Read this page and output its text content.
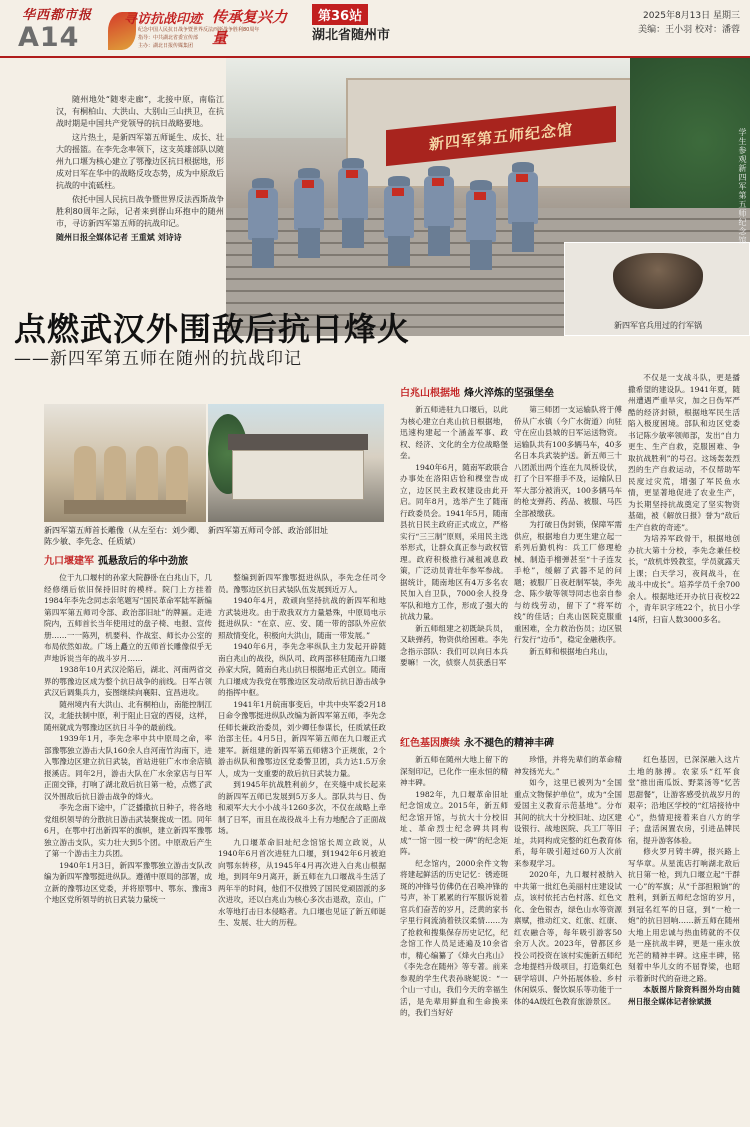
华西都市报
A14
寻访抗战印迹 传承复兴力量
纪念中国人民抗日战争暨世界反法西斯战争胜利80周年
指导：中共湖北省委宣传部
主办：湖北日报传媒集团
第36站
湖北省随州市
2025年8月13日 星期三
美编：王小羽 校对：潘蓉
新四军第五师纪念馆
新四军官兵用过的行军锅
学生参观新四军第五师纪念馆

随州地处“随枣走廊”，北接中原，南临江汉，有桐柏山、大洪山、大别山三山拱卫，在抗战时期是中国共产党领导的抗日战略要地。

这片热土，是新四军第五师诞生、成长、壮大的摇篮。在李先念率领下，这支英雄部队以随州九口堰为核心建立了鄂豫边区抗日根据地，形成对日军在华中的战略反攻态势，成为中原敌后抗战的中流砥柱。

依托中国人民抗日战争暨世界反法西斯战争胜利80周年之际，记者来到群山环抱中的随州市，寻访新四军第五师的抗战印记。

随州日报全媒体记者 王重斌 刘诗诗

点燃武汉外围敌后抗日烽火
——新四军第五师在随州的抗战印记
新四军第五师首长雕像（从左至右：刘少卿、陈少敏、李先念、任质斌）
新四军第五师司令部、政治部旧址
九口堰建军 孤悬敌后的华中劲旅

位于九口堰村的孙家大院静卧在白兆山下，几经修缮后依旧保持旧时的模样。院门上方挂着1984年李先念同志亲笔题写“国民革命军陆军新编第四军第五师司令部、政治部旧址”的牌匾。走进院内，五师首长当年使用过的盘子椅、电报、宣传册……一一陈列，机要科、作战室、师长办公室的布局依然如故。广场上矗立的五师首长雕像似乎无声地诉说当年的战斗岁月……

1938年10月武汉沦陷后，湖北、河南两省交界的鄂豫边区成为整个抗日战争的前线。日军占领武汉后调集兵力，妄图继续向襄阳、宜昌进攻。

随州境内有大洪山、北有桐柏山，南能控制江汉，北能扶制中原，利于阻止日寇的西侵，这样，随州就成为鄂豫边区抗日斗争的最前线。

1939年1月，李先念率中共中原局之命，率部豫鄂独立游击大队160余人自河南竹沟南下，进入鄂豫边区建立抗日武装，首站进驻广水市余店镇报溪店。同年2月，游击大队在广水余家店与日军正面交锋，打响了湖北敌后抗日第一枪，点燃了武汉外围敌后抗日游击战争的烽火。

李先念南下途中，广泛播撒抗日种子，将各地党组织领导的分散抗日游击武装聚拢成一团。同年6月，在鄂中打出新四军的旗帜，建立新四军豫鄂独立游击支队，实力壮大到5个团。中原敌后产生了第一个游击主力兵团。

1940年1月3日，新四军豫鄂独立游击支队改编为新四军豫鄂挺进纵队。遵循中原局的部署，成立新的豫鄂边区党委，并将原鄂中、鄂东、豫南3个地区党所领导的抗日武装力量统一

整编到新四军豫鄂挺进纵队，李先念任司令员。豫鄂边区抗日武装队伍发展到近万人。

1940年4月，敌顽向坚持抗战的新四军和地方武装进攻。由于敌我双方力量悬殊，中原局电示挺进纵队：“在京、应、安、随一带的部队外应依照敌情变化，积极向大洪山，随南一带发展。”

1940年6月，李先念率纵队主力发起开辟随南白兆山的战役，纵队司、政两部移驻随南九口堰孙家大院，随南白兆山抗日根据地正式创立。随南九口堰成为我党在鄂豫边区发动敌后抗日游击战争的指挥中枢。

1941年1月皖南事变后，中共中央军委2月18日命令豫鄂挺进纵队改编为新四军第五师，李先念任师长兼政治委员，刘少卿任参谋长，任质斌任政治部主任。4月5日，新四军第五师在九口堰正式建军。新组建的新四军第五师辖3个正规旅，2个游击纵队和豫鄂边区党委警卫团，兵力达1.5万余人，成为一支重要的敌后抗日武装力量。

到1945年抗战胜利前夕，在夹缝中成长起来的新四军五师已发展到5万多人。部队共与日、伪和顽军大大小小战斗1260多次，不仅在战略上牵制了日军，而且在战役战斗上有力地配合了正面战场。

九口堰革命旧址纪念馆馆长周立政说，从1940年6月首次进驻九口堰，到1942年6月被迫向鄂东转移，从1945年4月再次进入白兆山根据地，到同年9月离开，新五师在九口堰战斗生活了两年半的时间，他们不仅推毁了国民党顽固派的多次进攻，还以白兆山为核心多次击退敌，京山，广水等地打击日本侵略者。九口堰也见证了新五师诞生、发展、壮大的历程。

白兆山根据地 烽火淬炼的坚强堡垒

新五师进驻九口堰后，以此为核心建立白兆山抗日根据地，迅速构建起一个涵盖军事、政权、经济、文化的全方位战略堡垒。

1940年6月，随南军政联合办事处在洛阳店恰和棵堂告成立，边区民主政权建设由此开启。同年8月，选举产生了随南行政委员会。1941年5月，随南县抗日民主政府正式成立，严格实行“三三制”原则，采用民主选举形式，让群众真正参与政权管理。政府积极推行减租减息政策，广泛动员青壮年参军参战。据统计，随南地区有4万多名农民加入自卫队，7000余人投身军队和地方工作，形成了强大的抗战力量。

新五师组建之初既缺兵员，又缺弹药，物资供给困难。李先念指示部队：我们可以向日本兵要嘛！一次，侦察人员获悉日军

第三师团一支运输队将于傅侨从广水镇（今广水街道）向驻守在应山县城的日军运送物资。运输队共有100多辆马车，40多名日本兵武装护送。新五师三十八团派出两个连在九凤桥设伏，打了个日军措手不及，运输队日军大部分被消灭，100多辆马车的枪支弹药、药品、被服、马匹全部被缴获。

为打破日伪封锁，保障军需供应，根据地自力更生建立起一系列后勤机构：兵工厂修理枪械、制造手榴弹甚至“十子连发手枪”，缓解了武器不足的问题；被服厂日夜赶制军装，李先念、陈少敏等领导同志也亲自参与纺线劳动，留下了“将军纺线”的佳话；白兆山医院克服重重困难，全力救治伤员；边区银行发行“边币”，稳定金融秩序。

新五师和根据地白兆山，

不仅是一支战斗队，更是播撒希望的建设队。1941年夏，随州遭遇严重旱灾，加之日伪军严酷的经济封锁，根据地军民生活陷入极度困境。部队和边区党委书记陈少敏率领师部，发出“自力更生、生产自救，克服困难、争取抗战胜利”的号召。这场轰轰烈烈的生产自救运动，不仅帮助军民度过灾荒，增强了军民鱼水情，更显著地促进了农业生产，为长期坚持抗战奠定了坚实物资基础，被《解放日报》誉为“敌后生产自救的奇迹”。

为培养军政骨干，根据地创办抗大第十分校，李先念兼任校长，“敌机炸毁教室，学员就露天上课；白天学习，夜间战斗，在战斗中成长”。培养学员千余700余人。根据地还开办抗日夜校22个，青年识字班22个，抗日小学14所，扫盲人数3000多名。

红色基因赓续 永不褪色的精神丰碑

新五师在随州大地上留下的深刻印记，已化作一座永恒的精神丰碑。

1982年，九口堰革命旧址纪念馆成立。2015年，新五师纪念馆开馆，与抗大十分校旧址、革命烈士纪念碑共同构成“一馆一园一校一碑”的纪念矩阵。

纪念馆内，2000余件文物将建起鲜活的历史记忆：锈迹斑斑的冲锋号仿佛仍在召唤冲锋的号声，补丁累累的行军服诉说着官兵们奋苦的岁月，泛黄的家书字里行间流淌着铁汉柔情……为了抢救和搜集保存历史记忆，纪念馆工作人员足迹遍及10余省市，精心编纂了《烽火白兆山》《李先念在随州》等专著。前来参观的学生代表孙晓妮说：“一个山一寸山，我们今天的幸福生活，是先辈用鲜血和生命换来的，我们当好好

珍惜，并将先辈们的革命精神发扬光大。”

如今，这里已被列为“全国重点文物保护单位”，成为“全国爱国主义教育示范基地”。分布其间的抗大十分校旧址、边区建设银行、战地医院、兵工厂等旧址，共同构成完整的红色教育体系，每年吸引超过60万人次前来参观学习。

2020年，九口堰村被纳入中共第一批红色美丽村庄建设试点，该村依托古色村落、红色文化、金色银杏，绿色山水等资源禀赋，推动红文、红旅、红康、红农融合等，每年吸引游客50余万人次。2023年，曾都区乡投公司投资在该村实施新五师纪念地提档升级项目，打造集红色研学培训、户外拓展体验、乡村休闲娱乐、餐饮娱乐等功能于一体的4A级红色教育旅游景区。

红色基因，已深深融入这片土地的脉搏。农家乐“红军食堂”推出南瓜饭、野菜汤等“忆苦思甜餐”，让游客感受抗战岁月的艰辛；沿地区学校的“红培接待中心”，热情迎接着来自八方的学子；盘活闲置农房，引进品牌民宿，提升游客体验。

修火罗月铸丰碑，报兴路上写华章。从星流店打响湖北敌后抗日第一枪，到九口堰立起“干群一心”的军旗；从“千部担粮饷”的胜利，到新五师纪念馆的岁月，到冠名红军的日寇，到“一枪一炮”的抗日回响……新五师在随州大地上用忠诚与热血铸就的不仅是一座抗战丰碑，更是一座永放光芒的精神丰碑。这座丰碑，铭刻着中华儿女的不屈脊梁，也昭示着新时代的奋进之路。

本版图片除资料图外均由随州日报全媒体记者徐斌摄
